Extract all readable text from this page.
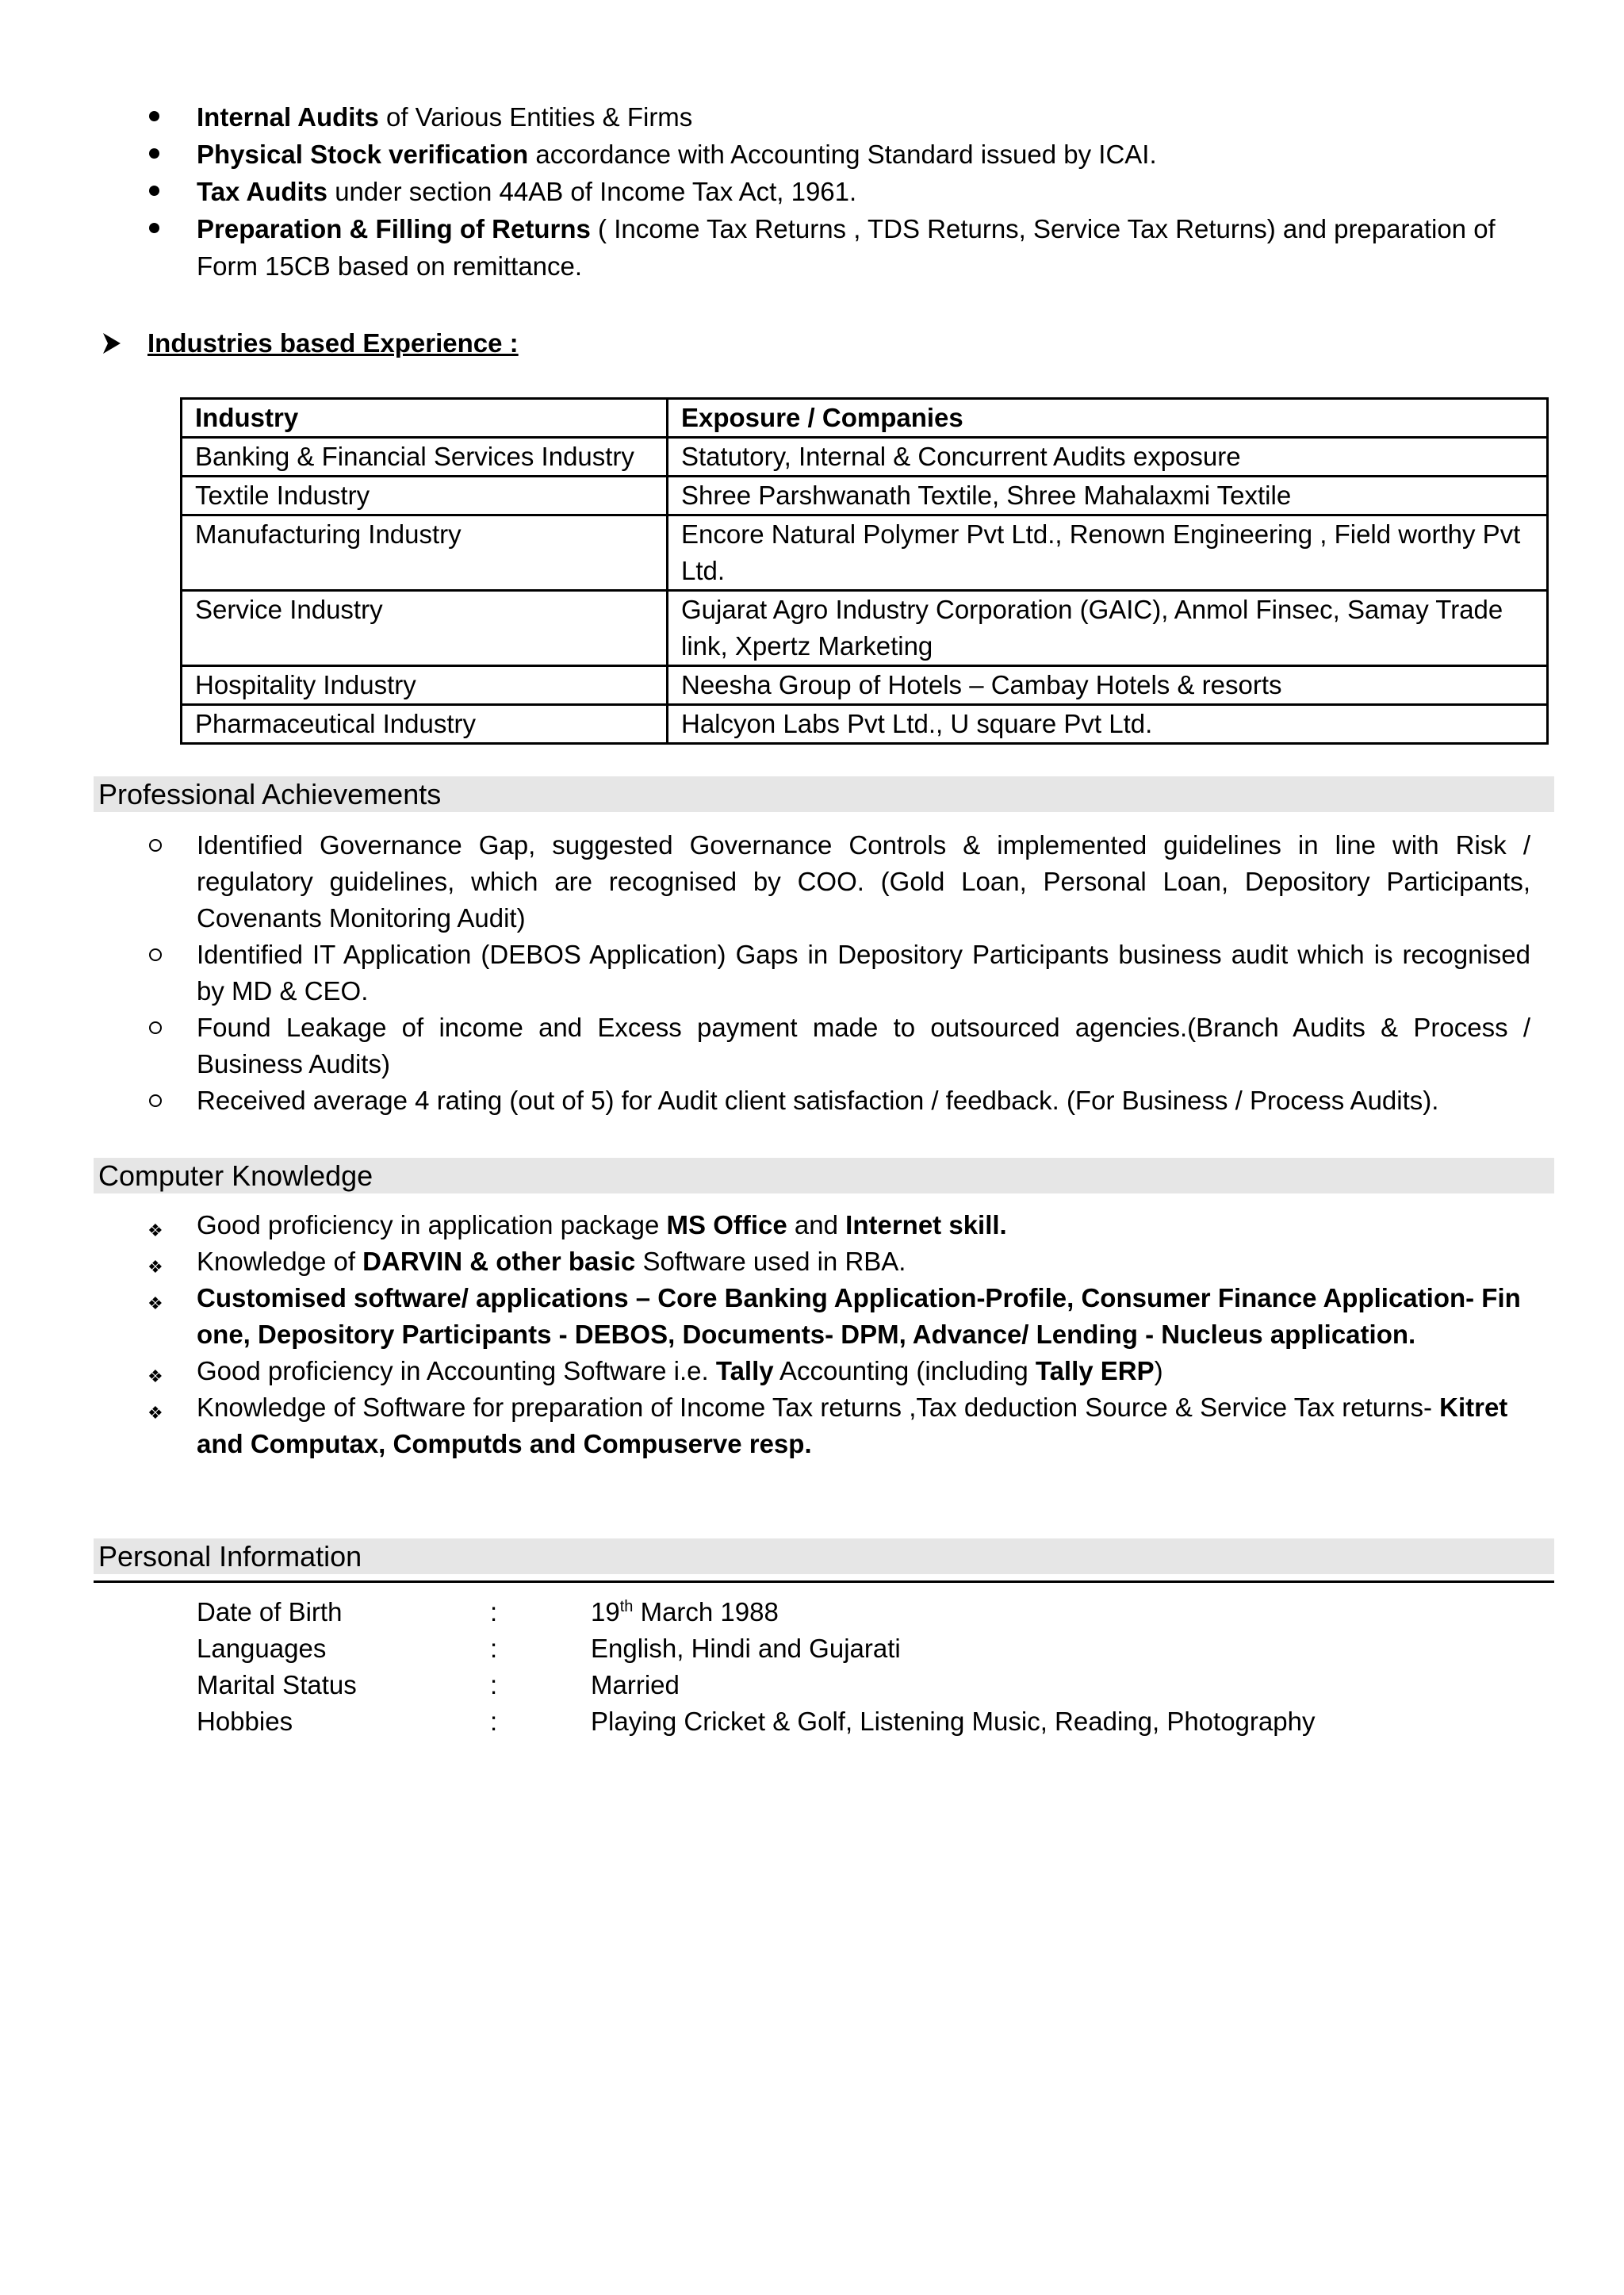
Internal Audits of Various Entities & Firms
Physical Stock verification accordance with Accounting Standard issued by ICAI.
Tax Audits under section 44AB of Income Tax Act, 1961.
Preparation & Filling of Returns ( Income Tax Returns , TDS Returns, Service Tax Returns) and preparation of Form 15CB based on remittance.
Industries based Experience :
Industry	Exposure / Companies
Banking & Financial Services Industry	Statutory, Internal & Concurrent Audits exposure
Textile Industry	Shree Parshwanath Textile, Shree Mahalaxmi Textile
Manufacturing Industry	Encore Natural Polymer Pvt Ltd., Renown Engineering , Field worthy Pvt Ltd.
Service Industry	Gujarat Agro Industry Corporation (GAIC), Anmol Finsec, Samay Trade link, Xpertz Marketing
Hospitality Industry	Neesha Group of Hotels – Cambay Hotels & resorts
Pharmaceutical Industry	Halcyon Labs Pvt Ltd., U square Pvt Ltd.
Professional Achievements
Identified Governance Gap, suggested Governance Controls & implemented guidelines in line with Risk / regulatory guidelines, which are recognised by COO. (Gold Loan, Personal Loan, Depository Participants, Covenants Monitoring Audit)
Identified IT Application (DEBOS Application) Gaps in Depository Participants business audit which is recognised by MD & CEO.
Found Leakage of income and Excess payment made to outsourced agencies.(Branch Audits & Process / Business Audits)
Received average 4 rating (out of 5) for Audit client satisfaction / feedback. (For Business / Process Audits).
Computer Knowledge
❖ Good proficiency in application package MS Office and Internet skill.
❖ Knowledge of DARVIN & other basic Software used in RBA.
❖ Customised software/ applications – Core Banking Application-Profile, Consumer Finance Application- Fin one, Depository Participants - DEBOS, Documents- DPM, Advance/ Lending - Nucleus application.
❖ Good proficiency in Accounting Software i.e. Tally Accounting (including Tally ERP)
❖ Knowledge of Software for preparation of Income Tax returns ,Tax deduction Source & Service Tax returns- Kitret and Computax, Computds and Compuserve resp.
Personal Information
Date of Birth	:	19th March 1988
Languages	:	English, Hindi and Gujarati
Marital Status	:	Married
Hobbies	:	Playing Cricket & Golf, Listening Music, Reading, Photography
